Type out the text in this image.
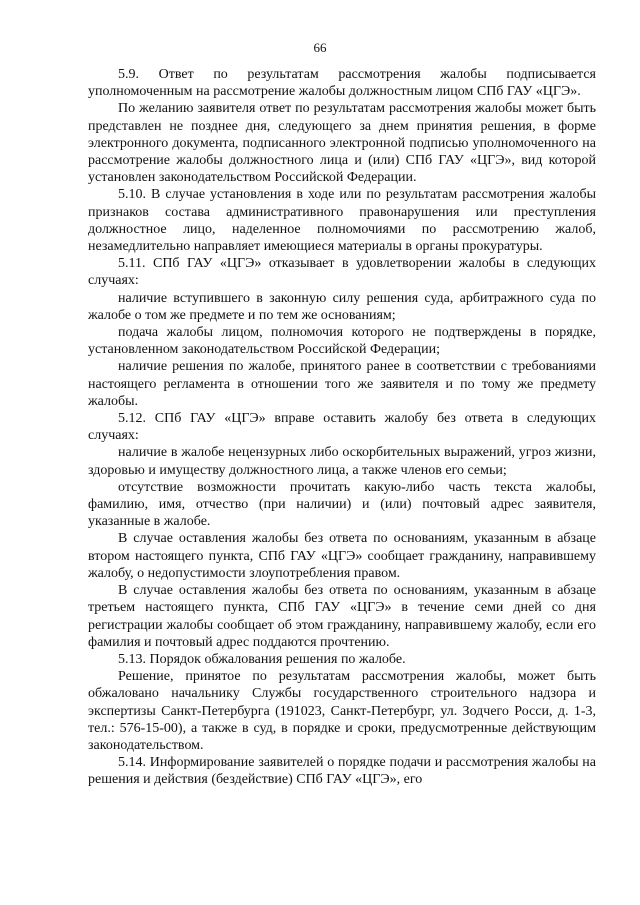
66

5.9. Ответ по результатам рассмотрения жалобы подписывается уполномоченным на рассмотрение жалобы должностным лицом СПб ГАУ «ЦГЭ».

По желанию заявителя ответ по результатам рассмотрения жалобы может быть представлен не позднее дня, следующего за днем принятия решения, в форме электронного документа, подписанного электронной подписью уполномоченного на рассмотрение жалобы должностного лица и (или) СПб ГАУ «ЦГЭ», вид которой установлен законодательством Российской Федерации.

5.10. В случае установления в ходе или по результатам рассмотрения жалобы признаков состава административного правонарушения или преступления должностное лицо, наделенное полномочиями по рассмотрению жалоб, незамедлительно направляет имеющиеся материалы в органы прокуратуры.

5.11. СПб ГАУ «ЦГЭ» отказывает в удовлетворении жалобы в следующих случаях:

наличие вступившего в законную силу решения суда, арбитражного суда по жалобе о том же предмете и по тем же основаниям;

подача жалобы лицом, полномочия которого не подтверждены в порядке, установленном законодательством Российской Федерации;

наличие решения по жалобе, принятого ранее в соответствии с требованиями настоящего регламента в отношении того же заявителя и по тому же предмету жалобы.

5.12. СПб ГАУ «ЦГЭ» вправе оставить жалобу без ответа в следующих случаях:

наличие в жалобе нецензурных либо оскорбительных выражений, угроз жизни, здоровью и имуществу должностного лица, а также членов его семьи;

отсутствие возможности прочитать какую-либо часть текста жалобы, фамилию, имя, отчество (при наличии) и (или) почтовый адрес заявителя, указанные в жалобе.

В случае оставления жалобы без ответа по основаниям, указанным в абзаце втором настоящего пункта, СПб ГАУ «ЦГЭ» сообщает гражданину, направившему жалобу, о недопустимости злоупотребления правом.

В случае оставления жалобы без ответа по основаниям, указанным в абзаце третьем настоящего пункта, СПб ГАУ «ЦГЭ» в течение семи дней со дня регистрации жалобы сообщает об этом гражданину, направившему жалобу, если его фамилия и почтовый адрес поддаются прочтению.

5.13. Порядок обжалования решения по жалобе.

Решение, принятое по результатам рассмотрения жалобы, может быть обжаловано начальнику Службы государственного строительного надзора и экспертизы Санкт-Петербурга (191023, Санкт-Петербург, ул. Зодчего Росси, д. 1-3, тел.: 576-15-00), а также в суд, в порядке и сроки, предусмотренные действующим законодательством.

5.14. Информирование заявителей о порядке подачи и рассмотрения жалобы на решения и действия (бездействие) СПб ГАУ «ЦГЭ», его
